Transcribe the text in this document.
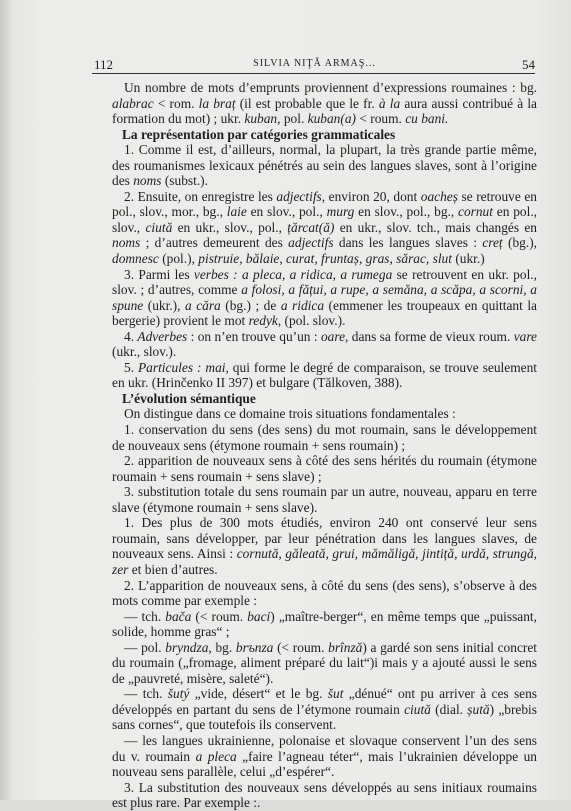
112	SILVIA NIŢĂ ARMAŞ...	54

Un nombre de mots d’emprunts proviennent d’expressions roumaines : bg. alabrac < rom. la braț (il est probable que le fr. à la aura aussi contribué à la formation du mot) ; ukr. kuban, pol. kuban(a) < roum. cu bani.

La représentation par catégories grammaticales

1. Comme il est, d’ailleurs, normal, la plupart, la très grande partie même, des roumanismes lexicaux pénétrés au sein des langues slaves, sont à l’origine des noms (subst.).

2. Ensuite, on enregistre les adjectifs, environ 20, dont oacheș se retrouve en pol., slov., mor., bg., laie en slov., pol., murg en slov., pol., bg., cornut en pol., slov., ciută en ukr., slov., pol., țărcat(ă) en ukr., slov. tch., mais changés en noms ; d’autres demeurent des adjectifs dans les langues slaves : creț (bg.), domnesc (pol.), pistruie, bălaie, curat, fruntaș, gras, sărac, slut (ukr.)

3. Parmi les verbes : a pleca, a ridica, a rumega se retrouvent en ukr. pol., slov. ; d’autres, comme a folosi, a fățui, a rupe, a semăna, a scăpa, a scorni, a spune (ukr.), a căra (bg.) ; de a ridica (emmener les troupeaux en quittant la bergerie) provient le mot redyk, (pol. slov.).

4. Adverbes : on n’en trouve qu’un : oare, dans sa forme de vieux roum. vare (ukr., slov.).

5. Particules : mai, qui forme le degré de comparaison, se trouve seulement en ukr. (Hrinčenko II 397) et bulgare (Tălkoven, 388).

L’évolution sémantique

On distingue dans ce domaine trois situations fondamentales :

1. conservation du sens (des sens) du mot roumain, sans le développement de nouveaux sens (étymone roumain + sens roumain) ;

2. apparition de nouveaux sens à côté des sens hérités du roumain (étymone roumain + sens roumain + sens slave) ;

3. substitution totale du sens roumain par un autre, nouveau, apparu en terre slave (étymone roumain + sens slave).

1. Des plus de 300 mots étudiés, environ 240 ont conservé leur sens roumain, sans développer, par leur pénétration dans les langues slaves, de nouveaux sens. Ainsi : cornută, găleată, grui, mămăligă, jintiță, urdă, strungă, zer et bien d’autres.

2. L’apparition de nouveaux sens, à côté du sens (des sens), s’observe à des mots comme par exemple :

— tch. bača (< roum. baci) „maître-berger“, en même temps que „puissant, solide, homme gras“ ;

— pol. bryndza, bg. brъnza (< roum. brînză) a gardé son sens initial concret du roumain („fromage, aliment préparé du lait“)i mais y a ajouté aussi le sens de „pauvreté, misère, saleté“).

— tch. šutý „vide, désert“ et le bg. šut „dénué“ ont pu arriver à ces sens développés en partant du sens de l’étymone roumain ciută (dial. șută) „brebis sans cornes“, que toutefois ils conservent.

— les langues ukrainienne, polonaise et slovaque conservent l’un des sens du v. roumain a pleca „faire l’agneau téter“, mais l’ukrainien développe un nouveau sens parallèle, celui „d’espérer“.

3. La substitution des nouveaux sens développés au sens initiaux roumains est plus rare. Par exemple :.
